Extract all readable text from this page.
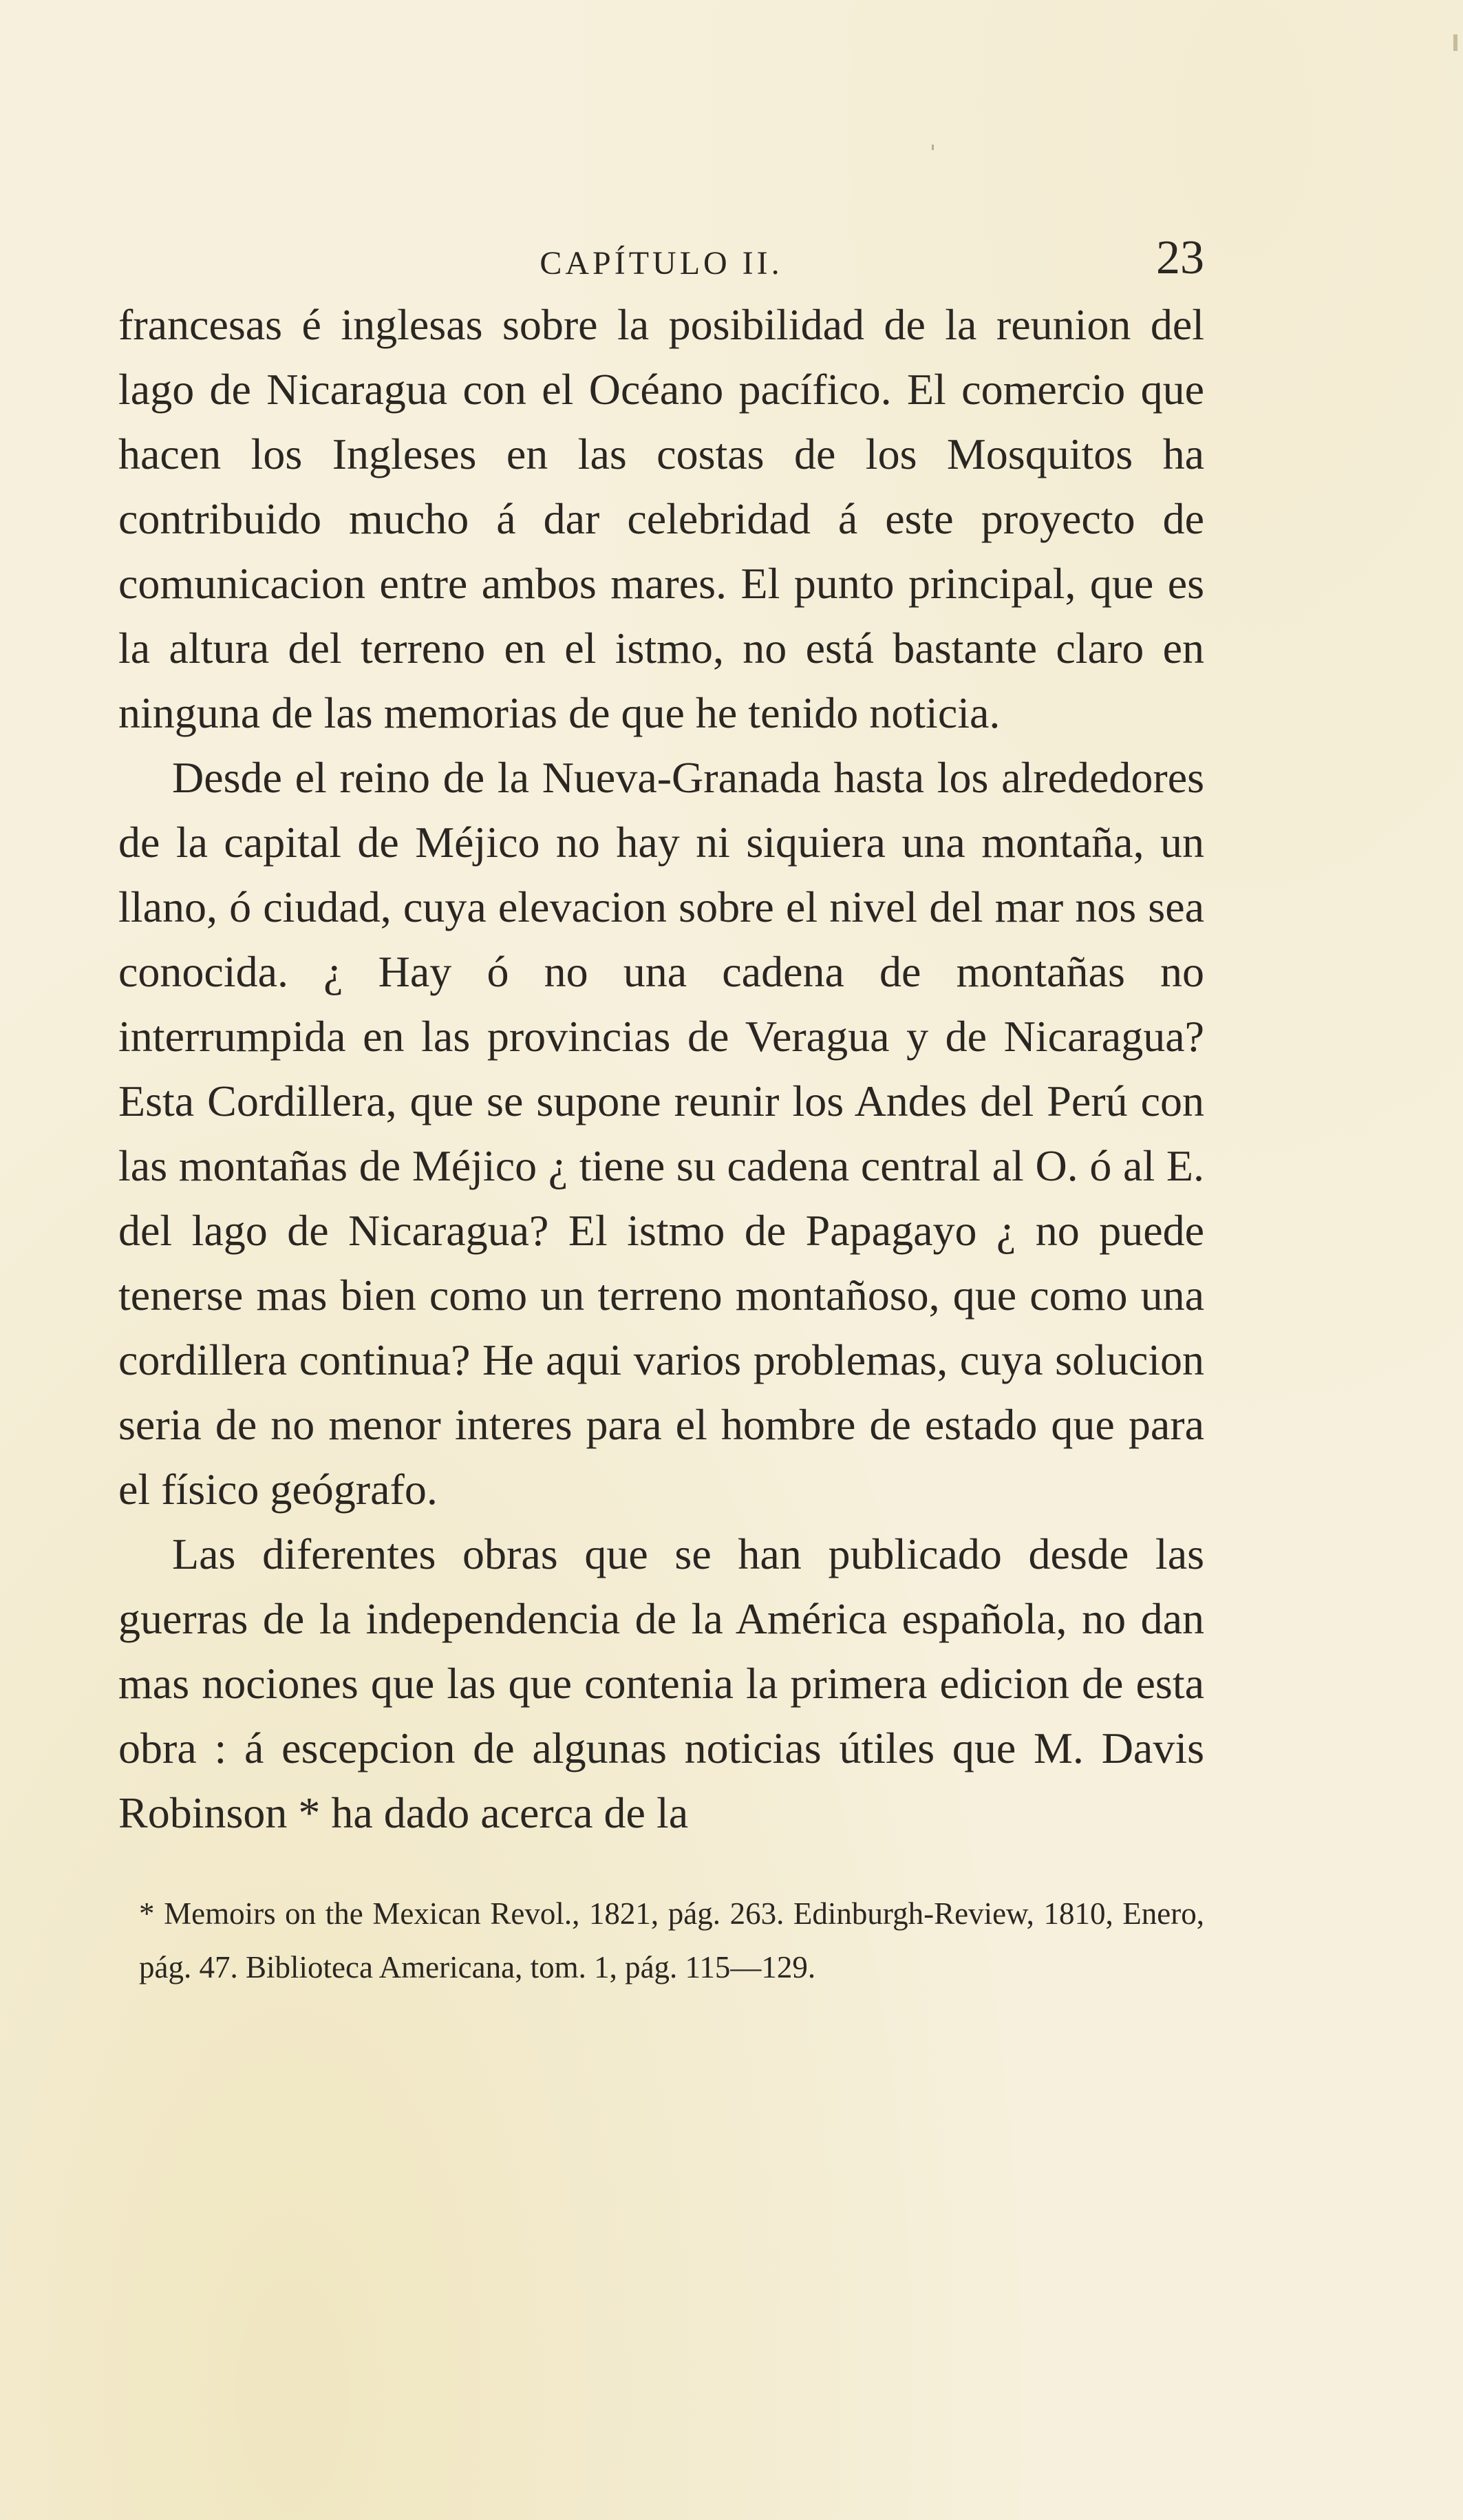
CAPÍTULO II.	23

francesas é inglesas sobre la posibilidad de la reunion del lago de Nicaragua con el Océano pacífico. El comercio que hacen los Ingleses en las costas de los Mosquitos ha contribuido mucho á dar celebridad á este proyecto de comunicacion entre ambos mares. El punto principal, que es la altura del terreno en el istmo, no está bastante claro en ninguna de las memorias de que he tenido noticia.

Desde el reino de la Nueva-Granada hasta los alrededores de la capital de Méjico no hay ni siquiera una montaña, un llano, ó ciudad, cuya elevacion sobre el nivel del mar nos sea conocida. ¿ Hay ó no una cadena de montañas no interrumpida en las provincias de Veragua y de Nicaragua? Esta Cordillera, que se supone reunir los Andes del Perú con las montañas de Méjico ¿ tiene su cadena central al O. ó al E. del lago de Nicaragua? El istmo de Papagayo ¿ no puede tenerse mas bien como un terreno montañoso, que como una cordillera continua? He aqui varios problemas, cuya solucion seria de no menor interes para el hombre de estado que para el físico geógrafo.

Las diferentes obras que se han publicado desde las guerras de la independencia de la América española, no dan mas nociones que las que contenia la primera edicion de esta obra : á escepcion de algunas noticias útiles que M. Davis Robinson * ha dado acerca de la

* Memoirs on the Mexican Revol., 1821, pág. 263. Edinburgh-Review, 1810, Enero, pág. 47. Biblioteca Americana, tom. 1, pág. 115—129.
